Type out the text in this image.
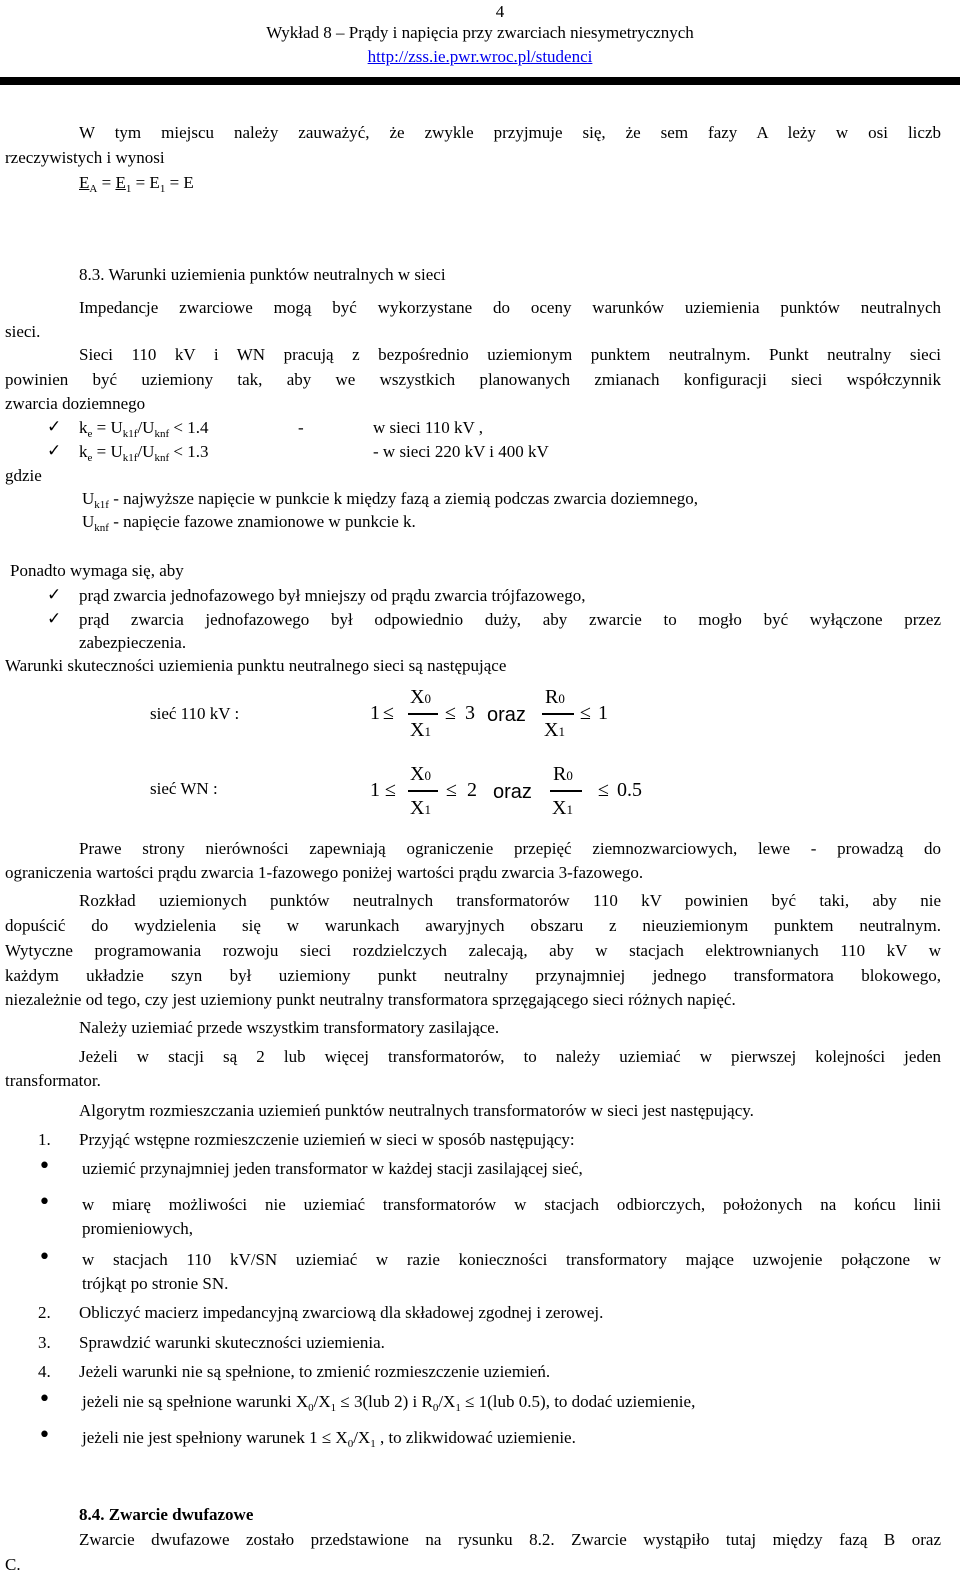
4
Wykład 8 – Prądy i napięcia przy zwarciach niesymetrycznych
http://zss.ie.pwr.wroc.pl/studenci
W tym miejscu należy zauważyć, że zwykle przyjmuje się, że sem fazy A leży w osi liczb
rzeczywistych i wynosi
$E_A = E_1 = E_1 = E$
8.3. Warunki uziemienia punktów neutralnych w sieci
Impedancje zwarciowe mogą być wykorzystane do oceny warunków uziemienia punktów neutralnych
sieci.
Sieci 110 kV i WN pracują z bezpośrednio uziemionym punktem neutralnym. Punkt neutralny sieci
powinien być uziemiony tak, aby we wszystkich planowanych zmianach konfiguracji sieci współczynnik
zwarcia doziemnego
✓ $k_e = U_{k1f}/U_{knf} < 1.4$	-	w sieci 110 kV ,
✓ $k_e = U_{k1f}/U_{knf} < 1.3$	- w sieci 220 kV i 400 kV
gdzie
$U_{k1f}$ - najwyższe napięcie w punkcie k między fazą a ziemią podczas zwarcia doziemnego,
$U_{knf}$ - napięcie fazowe znamionowe w punkcie k.
Ponadto wymaga się, aby
✓ prąd zwarcia jednofazowego był mniejszy od prądu zwarcia trójfazowego,
✓ prąd zwarcia jednofazowego był odpowiednio duży, aby zwarcie to mogło być wyłączone przez
zabezpieczenia.
Warunki skuteczności uziemienia punktu neutralnego sieci są następujące
sieć 110 kV :	1 ≤
X0
X1
≤ 3 oraz
R0
X1
≤ 1
sieć WN :	1 ≤
X0
X1
≤ 2 oraz
R0
X1
≤ 0.5
Prawe strony nierówności zapewniają ograniczenie przepięć ziemnozwarciowych, lewe - prowadzą do
ograniczenia wartości prądu zwarcia 1-fazowego poniżej wartości prądu zwarcia 3-fazowego.
Rozkład uziemionych punktów neutralnych transformatorów 110 kV powinien być taki, aby nie
dopuścić do wydzielenia się w warunkach awaryjnych obszaru z nieuziemionym punktem neutralnym.
Wytyczne programowania rozwoju sieci rozdzielczych zalecają, aby w stacjach elektrownianych 110 kV w
każdym układzie szyn był uziemiony punkt neutralny przynajmniej jednego transformatora blokowego,
niezależnie od tego, czy jest uziemiony punkt neutralny transformatora sprzęgającego sieci różnych napięć.
Należy uziemiać przede wszystkim transformatory zasilające.
Jeżeli w stacji są 2 lub więcej transformatorów, to należy uziemiać w pierwszej kolejności jeden
transformator.
Algorytm rozmieszczania uziemień punktów neutralnych transformatorów w sieci jest następujący.
1. Przyjąć wstępne rozmieszczenie uziemień w sieci w sposób następujący:
• uziemić przynajmniej jeden transformator w każdej stacji zasilającej sieć,
• w miarę możliwości nie uziemiać transformatorów w stacjach odbiorczych, położonych na końcu linii
promieniowych,
• w stacjach 110 kV/SN uziemiać w razie konieczności transformatory mające uzwojenie połączone w
trójkąt po stronie SN.
2. Obliczyć macierz impedancyjną zwarciową dla składowej zgodnej i zerowej.
3. Sprawdzić warunki skuteczności uziemienia.
4. Jeżeli warunki nie są spełnione, to zmienić rozmieszczenie uziemień.
• jeżeli nie są spełnione warunki $X_0/X_1 \le 3(lub$ 2) i $R_0/X_1 \le 1(lub$ 0.5), to dodać uziemienie,
• jeżeli nie jest spełniony warunek $1 \le X_0/X_1$ , to zlikwidować uziemienie.
8.4. Zwarcie dwufazowe
Zwarcie dwufazowe zostało przedstawione na rysunku 8.2. Zwarcie wystąpiło tutaj między fazą B oraz
C.
